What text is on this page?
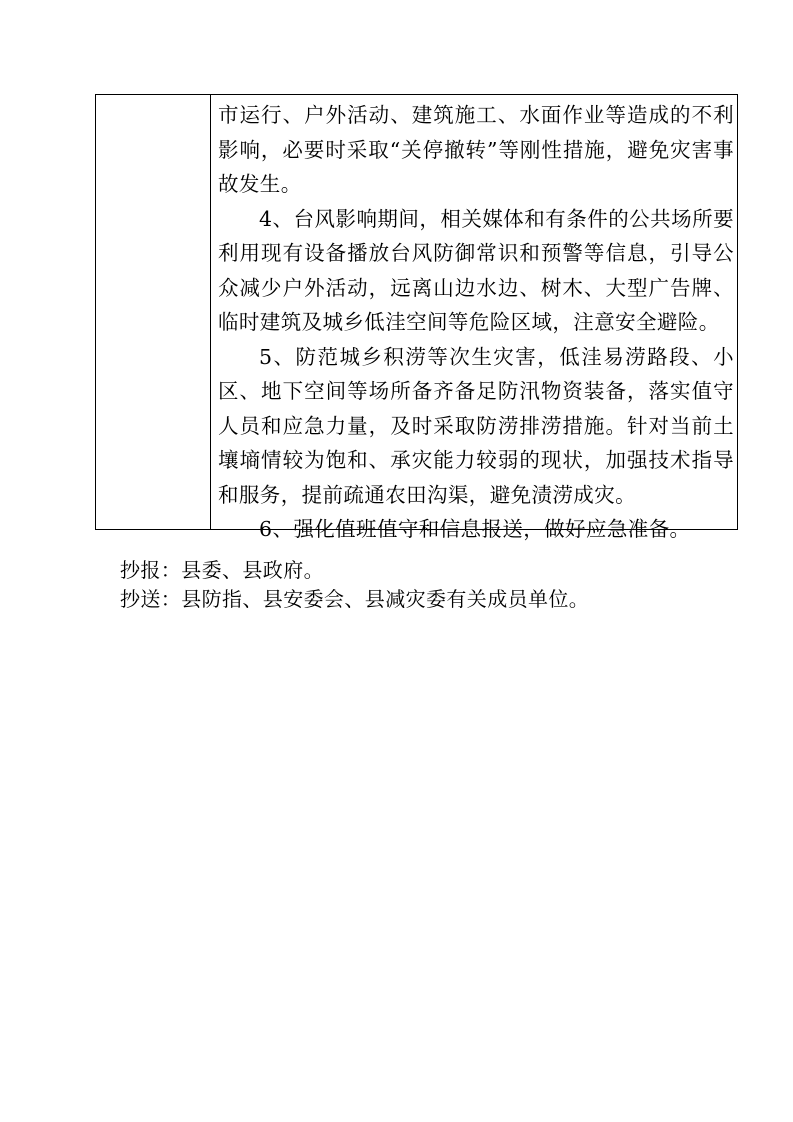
市运行、户外活动、建筑施工、水面作业等造成的不利影响，必要时采取“关停撤转”等刚性措施，避免灾害事故发生。

4、台风影响期间，相关媒体和有条件的公共场所要利用现有设备播放台风防御常识和预警等信息，引导公众减少户外活动，远离山边水边、树木、大型广告牌、临时建筑及城乡低洼空间等危险区域，注意安全避险。

5、防范城乡积涝等次生灾害，低洼易涝路段、小区、地下空间等场所备齐备足防汛物资装备，落实值守人员和应急力量，及时采取防涝排涝措施。针对当前土壤墒情较为饱和、承灾能力较弱的现状，加强技术指导和服务，提前疏通农田沟渠，避免渍涝成灾。

6、强化值班值守和信息报送，做好应急准备。

抄报：县委、县政府。

抄送：县防指、县安委会、县减灾委有关成员单位。
